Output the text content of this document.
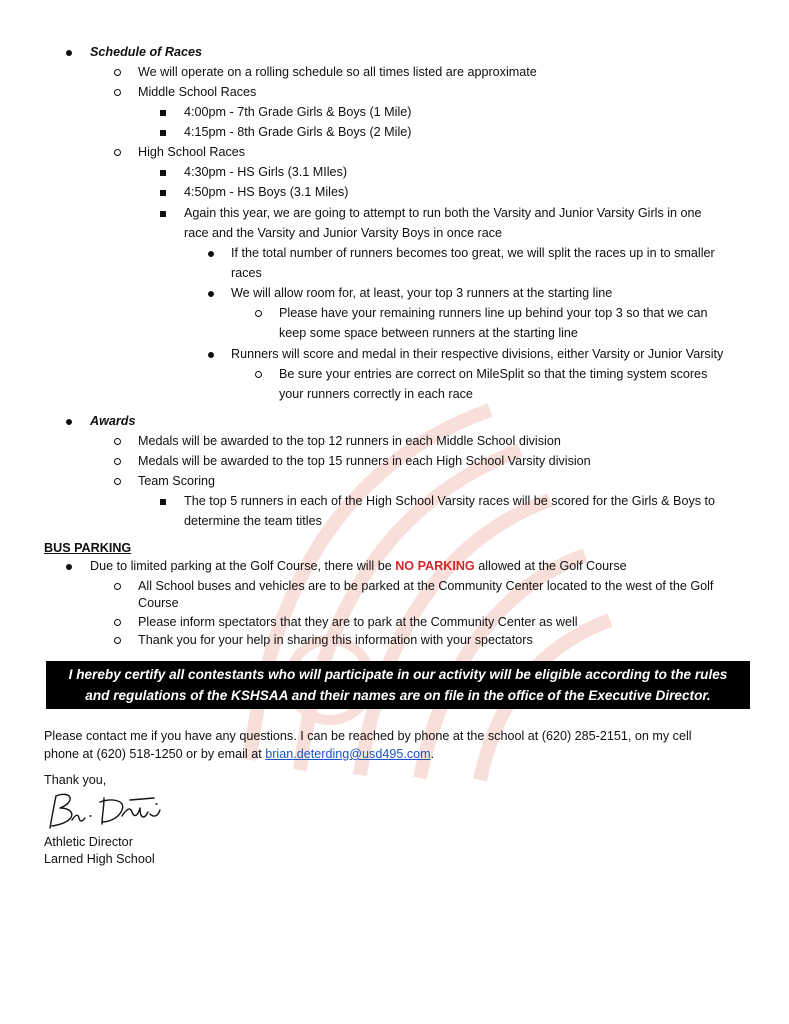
Schedule of Races
We will operate on a rolling schedule so all times listed are approximate
Middle School Races
4:00pm - 7th Grade Girls & Boys (1 Mile)
4:15pm - 8th Grade Girls & Boys (2 Mile)
High School Races
4:30pm - HS Girls (3.1 MIles)
4:50pm - HS Boys (3.1 Miles)
Again this year, we are going to attempt to run both the Varsity and Junior Varsity Girls in one
race and the Varsity and Junior Varsity Boys in once race
If the total number of runners becomes too great, we will split the races up in to smaller
races
We will allow room for, at least, your top 3 runners at the starting line
Please have your remaining runners line up behind your top 3 so that we can
keep some space between runners at the starting line
Runners will score and medal in their respective divisions, either Varsity or Junior Varsity
Be sure your entries are correct on MileSplit so that the timing system scores
your runners correctly in each race
Awards
Medals will be awarded to the top 12 runners in each Middle School division
Medals will be awarded to the top 15 runners in each High School Varsity division
Team Scoring
The top 5 runners in each of the High School Varsity races will be scored for the Girls & Boys to
determine the team titles
BUS PARKING
Due to limited parking at the Golf Course, there will be NO PARKING allowed at the Golf Course
All School buses and vehicles are to be parked at the Community Center located to the west of the Golf
Course
Please inform spectators that they are to park at the Community Center as well
Thank you for your help in sharing this information with your spectators
I hereby certify all contestants who will participate in our activity will be eligible according to the rules
and regulations of the KSHSAA and their names are on file in the office of the Executive Director.
Please contact me if you have any questions. I can be reached by phone at the school at (620) 285-2151, on my cell
phone at (620) 518-1250 or by email at brian.deterding@usd495.com.
Thank you,
Athletic Director
Larned High School
